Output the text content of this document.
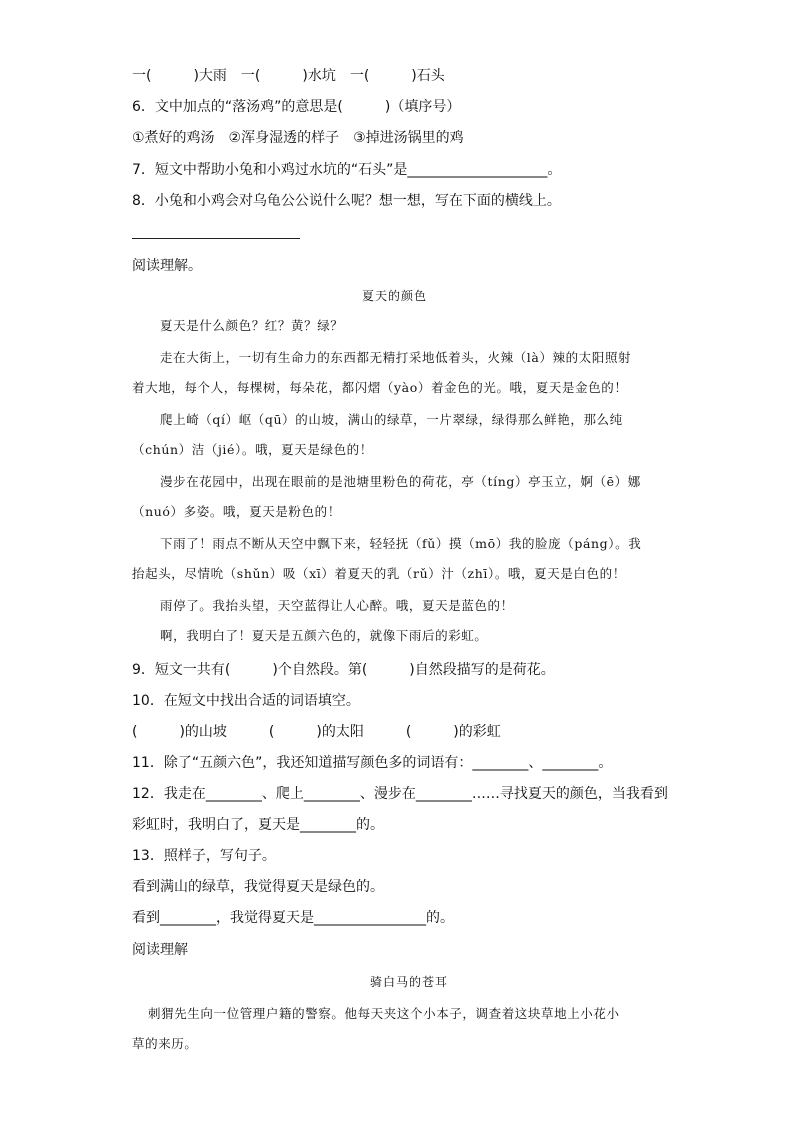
一(　　　)大雨　一(　　　)水坑　一(　　　)石头
6．文中加点的“落汤鸡”的意思是(　　　)（填序号）
①煮好的鸡汤　②浑身湿透的样子　③掉进汤锅里的鸡
7．短文中帮助小兔和小鸡过水坑的“石头”是____________________。
8．小兔和小鸡会对乌龟公公说什么呢？想一想，写在下面的横线上。
阅读理解。
夏天的颜色
夏天是什么颜色？红？黄？绿？
走在大街上，一切有生命力的东西都无精打采地低着头，火辣（là）辣的太阳照射
着大地，每个人，每棵树，每朵花，都闪熠（yào）着金色的光。哦，夏天是金色的！
爬上崎（qí）岖（qū）的山坡，满山的绿草，一片翠绿，绿得那么鲜艳，那么纯
（chún）洁（jié）。哦，夏天是绿色的！
漫步在花园中，出现在眼前的是池塘里粉色的荷花，亭（tíng）亭玉立，婀（ē）娜
（nuó）多姿。哦，夏天是粉色的！
下雨了！雨点不断从天空中飘下来，轻轻抚（fǔ）摸（mō）我的脸庞（páng）。我
抬起头，尽情吮（shǔn）吸（xī）着夏天的乳（rǔ）汁（zhī）。哦，夏天是白色的！
雨停了。我抬头望，天空蓝得让人心醉。哦，夏天是蓝色的！
啊，我明白了！夏天是五颜六色的，就像下雨后的彩虹。
9．短文一共有(　　　)个自然段。第(　　　)自然段描写的是荷花。
10．在短文中找出合适的词语填空。
(　　　)的山坡　　　(　　　)的太阳　　　(　　　)的彩虹
11．除了“五颜六色”，我还知道描写颜色多的词语有：________、________。
12．我走在________、爬上________、漫步在________……寻找夏天的颜色，当我看到
彩虹时，我明白了，夏天是________的。
13．照样子，写句子。
看到满山的绿草，我觉得夏天是绿色的。
看到________，我觉得夏天是________________的。
阅读理解
骑白马的苍耳
刺猬先生向一位管理户籍的警察。他每天夹这个小本子，调查着这块草地上小花小
草的来历。
